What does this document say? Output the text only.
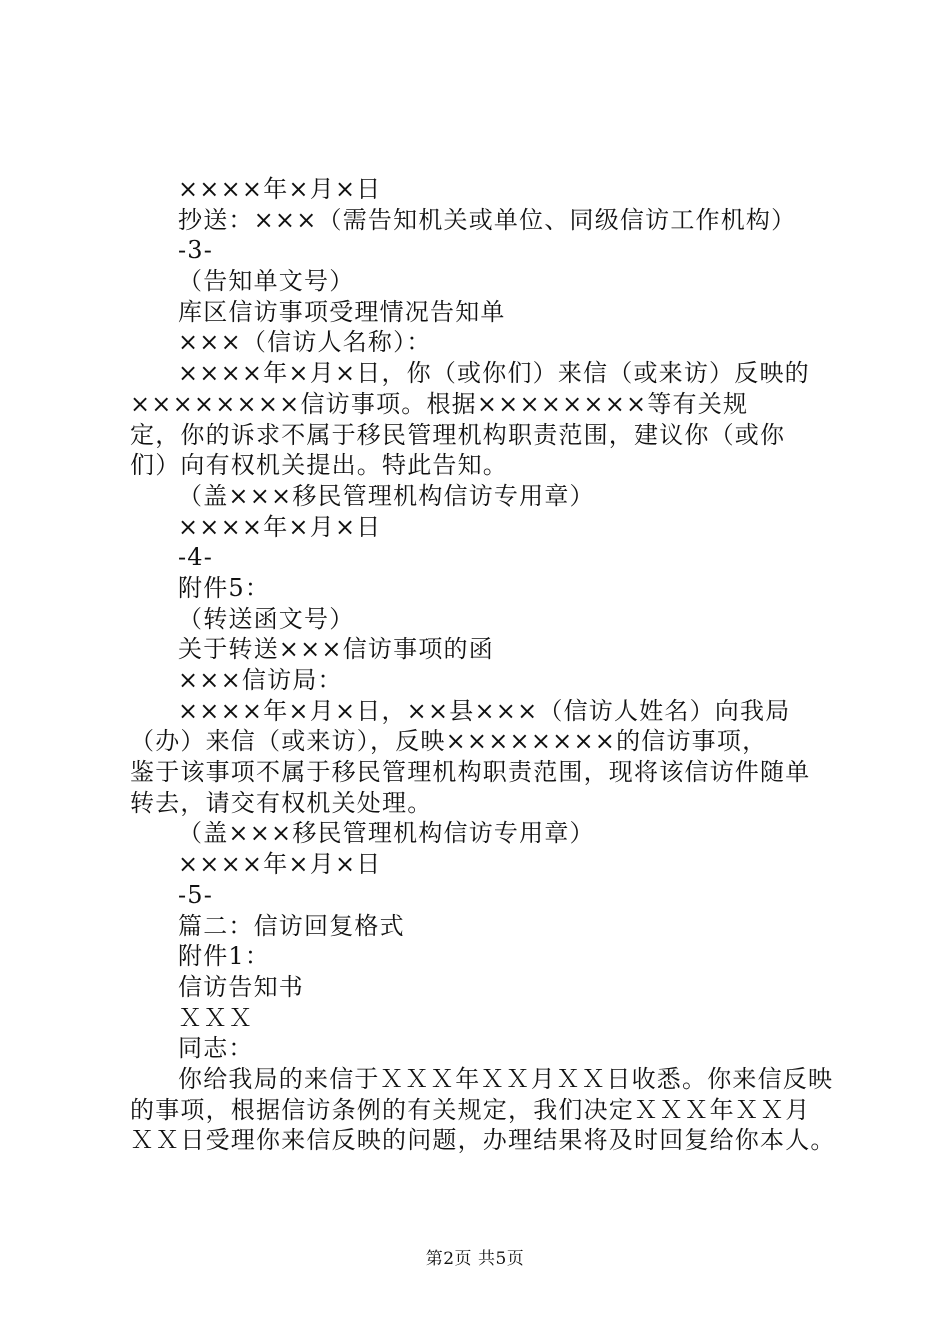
××××年×月×日
抄送：×××（需告知机关或单位、同级信访工作机构）
-3-
（告知单文号）
库区信访事项受理情况告知单
×××（信访人名称）：
××××年×月×日，你（或你们）来信（或来访）反映的
××××××××信访事项。根据××××××××等有关规
定，你的诉求不属于移民管理机构职责范围，建议你（或你
们）向有权机关提出。特此告知。
（盖×××移民管理机构信访专用章）
××××年×月×日
-4-
附件5：
（转送函文号）
关于转送×××信访事项的函
×××信访局：
××××年×月×日，××县×××（信访人姓名）向我局
（办）来信（或来访），反映××××××××的信访事项，
鉴于该事项不属于移民管理机构职责范围，现将该信访件随单
转去，请交有权机关处理。
（盖×××移民管理机构信访专用章）
××××年×月×日
-5-
篇二：信访回复格式
附件1：
信访告知书
ＸＸＸ
同志：
你给我局的来信于ＸＸＸ年ＸＸ月ＸＸ日收悉。你来信反映
的事项，根据信访条例的有关规定，我们决定ＸＸＸ年ＸＸ月
ＸＸ日受理你来信反映的问题，办理结果将及时回复给你本人。
第2页 共5页
